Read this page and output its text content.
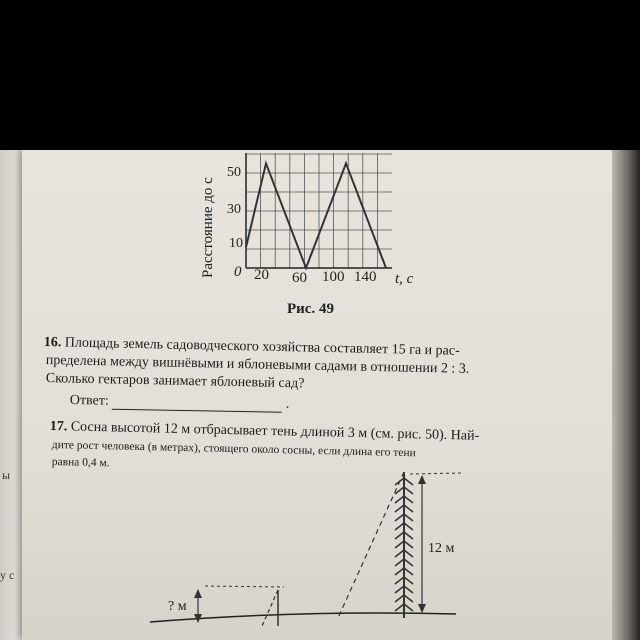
ы
у с
Расстояние до с
50
30
10
0 20 60 100 140 t, c
Рис. 49
16. Площадь земель садоводческого хозяйства составляет 15 га и рас-
пределена между вишнёвыми и яблоневыми садами в отношении 2 : 3.
Сколько гектаров занимает яблоневый сад?
Ответ:	.
17. Сосна высотой 12 м отбрасывает тень длиной 3 м (см. рис. 50). Най-
дите рост человека (в метрах), стоящего около сосны, если длина его тени
равна 0,4 м.
12 м
? м
